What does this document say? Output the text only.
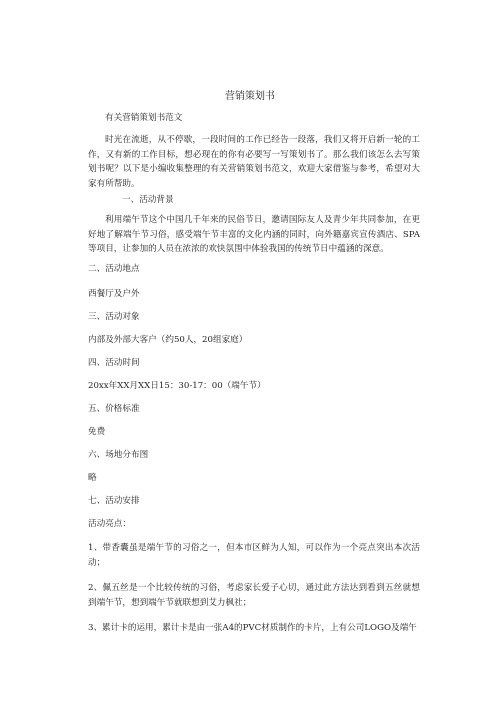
营销策划书

有关营销策划书范文

时光在流逝，从不停歇，一段时间的工作已经告一段落，我们又将开启新一轮的工作，又有新的工作目标，想必现在的你有必要写一写策划书了。那么我们该怎么去写策划书呢？以下是小编收集整理的有关营销策划书范文，欢迎大家借鉴与参考，希望对大家有所帮助。

一、活动背景

利用端午节这个中国几千年来的民俗节日，邀请国际友人及青少年共同参加，在更好地了解端午节习俗，感受端午节丰富的文化内涵的同时，向外籍嘉宾宣传酒店、SPA等项目，让参加的人员在浓浓的欢快氛围中体验我国的传统节日中蕴涵的深意。

二、活动地点

西餐厅及户外

三、活动对象

内部及外部大客户（约50人，20组家庭）

四、活动时间

20xx年XX月XX日15：30-17：00（端午节）

五、价格标准

免费

六、场地分布图

略

七、活动安排

活动亮点：

1、带香囊虽是端午节的习俗之一，但本市区鲜为人知，可以作为一个亮点突出本次活动；

2、佩五丝是一个比较传统的习俗，考虑家长爱子心切，通过此方法达到看到五丝就想到端午节，想到端午节就联想到艾力枫社；

3、累计卡的运用，累计卡是由一张A4的PVC材质制作的卡片，上有公司LOGO及端午
